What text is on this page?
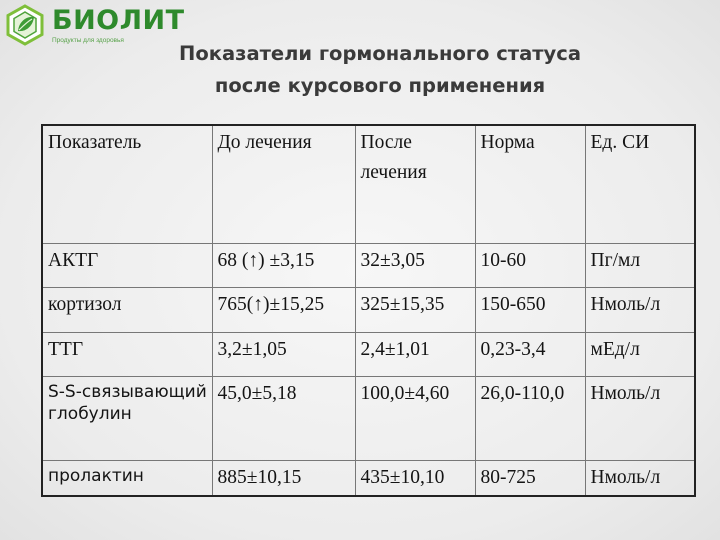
БИОЛИТ
Продукты для здоровья
Показатели гормонального статуса
после курсового применения
Показатель	До лечения	После лечения	Норма	Ед. СИ
АКТГ	68 (↑) ±3,15	32±3,05	10-60	Пг/мл
кортизол	765(↑)±15,25	325±15,35	150-650	Нмоль/л
ТТГ	3,2±1,05	2,4±1,01	0,23-3,4	мЕд/л
S-S-связывающий глобулин	45,0±5,18	100,0±4,60	26,0-110,0	Нмоль/л
пролактин	885±10,15	435±10,10	80-725	Нмоль/л
